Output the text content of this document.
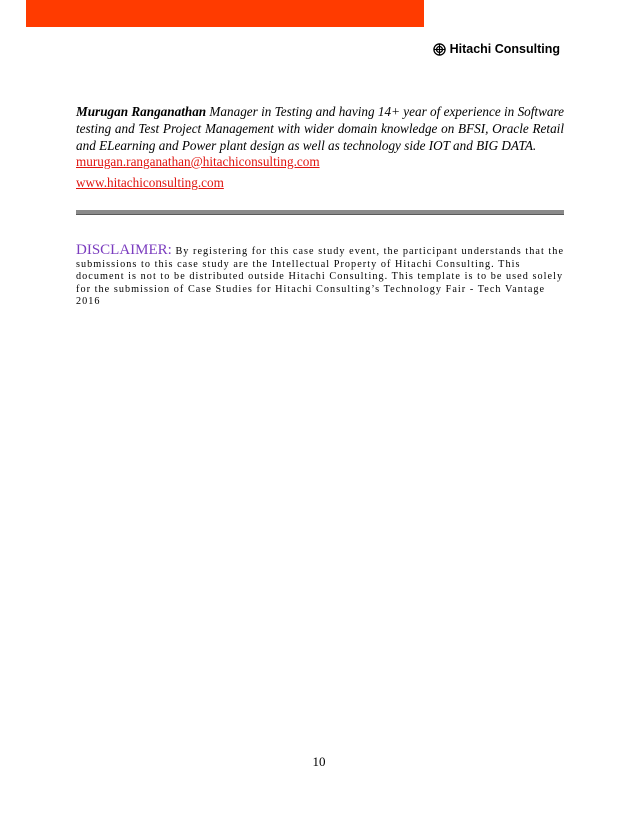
Hitachi Consulting
Murugan Ranganathan Manager in Testing and having 14+ year of experience in Software testing and Test Project Management with wider domain knowledge on BFSI, Oracle Retail and ELearning and Power plant design as well as technology side IOT and BIG DATA.
murugan.ranganathan@hitachiconsulting.com
www.hitachiconsulting.com
DISCLAIMER: By registering for this case study event, the participant understands that the submissions to this case study are the Intellectual Property of Hitachi Consulting. This document is not to be distributed outside Hitachi Consulting. This template is to be used solely for the submission of Case Studies for Hitachi Consulting’s Technology Fair - Tech Vantage 2016
10
